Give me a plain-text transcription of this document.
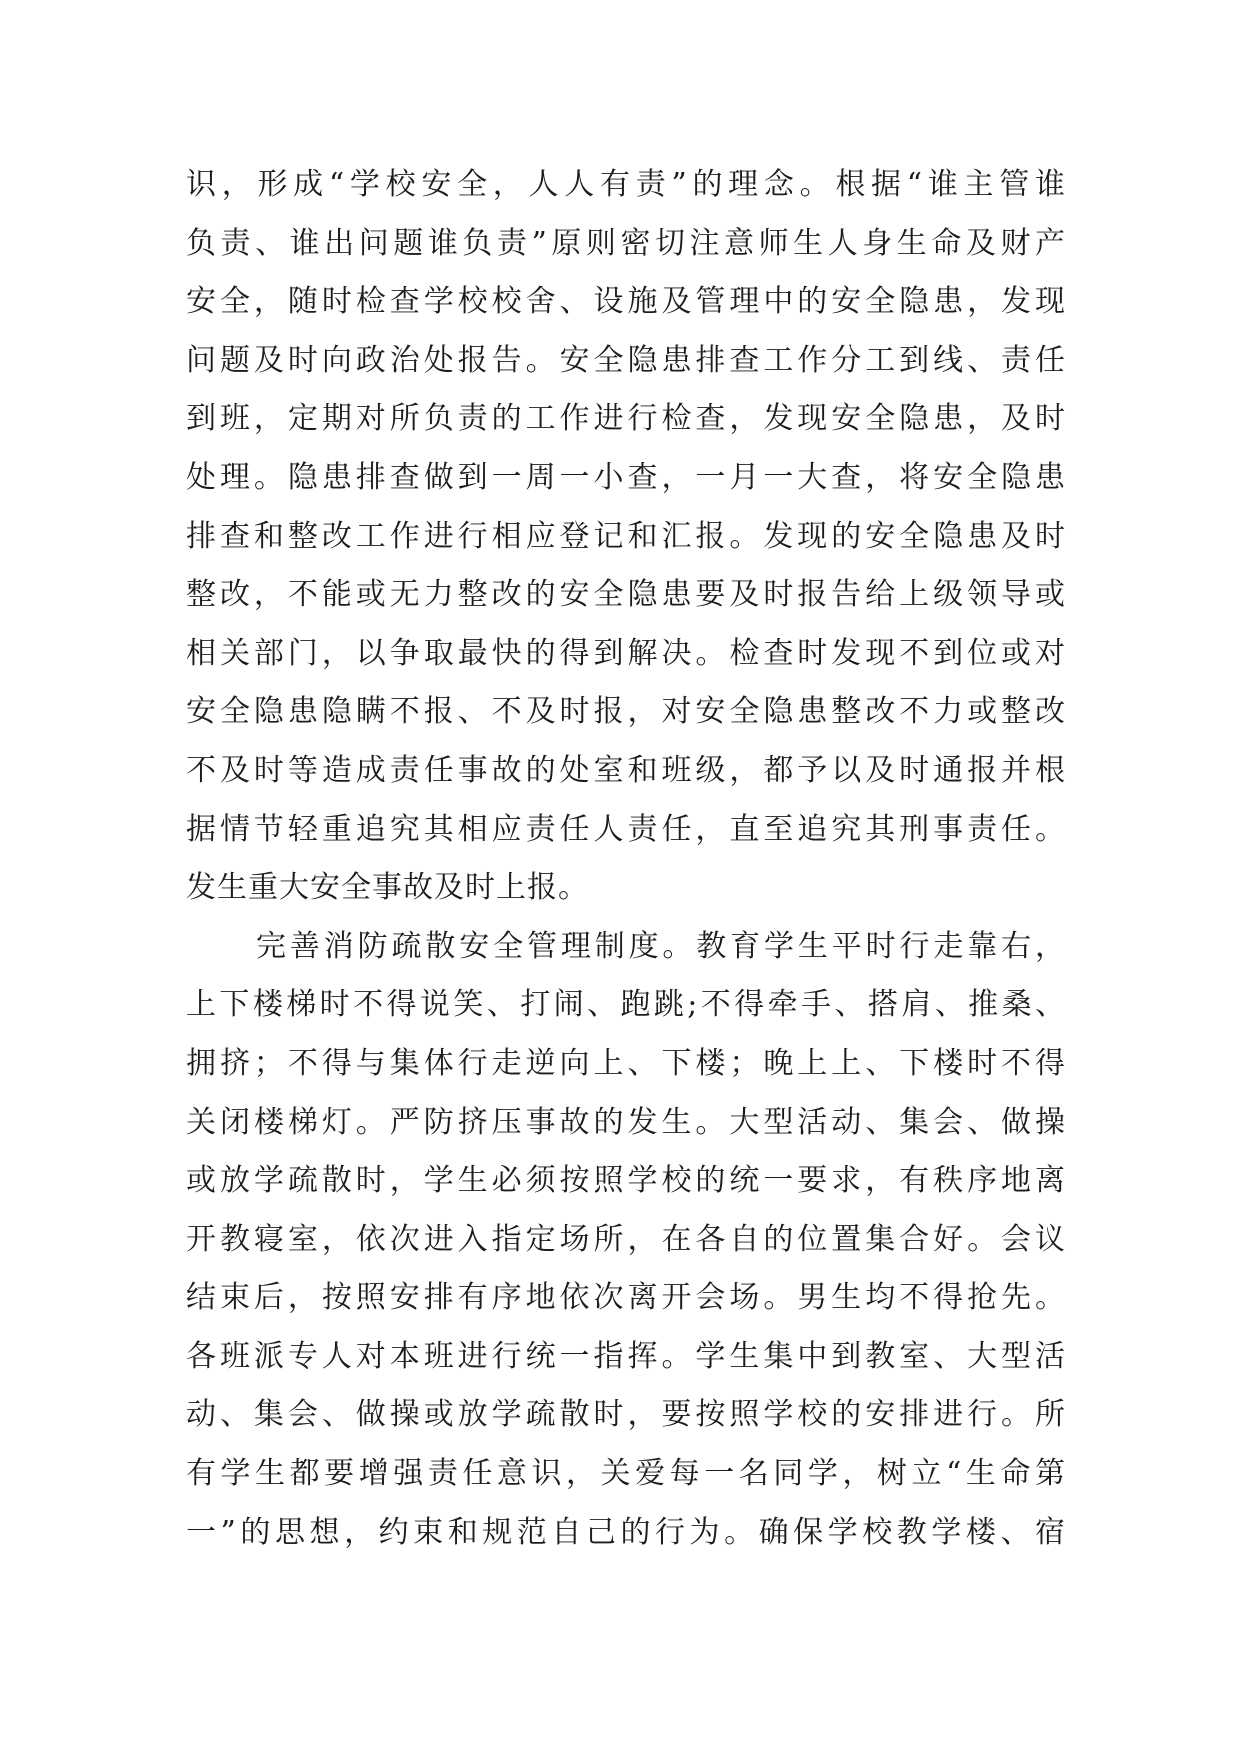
识，形成“学校安全，人人有责”的理念。根据“谁主管谁
负责、谁出问题谁负责”原则密切注意师生人身生命及财产
安全，随时检查学校校舍、设施及管理中的安全隐患，发现
问题及时向政治处报告。安全隐患排查工作分工到线、责任
到班，定期对所负责的工作进行检查，发现安全隐患，及时
处理。隐患排查做到一周一小查，一月一大查，将安全隐患
排查和整改工作进行相应登记和汇报。发现的安全隐患及时
整改，不能或无力整改的安全隐患要及时报告给上级领导或
相关部门，以争取最快的得到解决。检查时发现不到位或对
安全隐患隐瞒不报、不及时报，对安全隐患整改不力或整改
不及时等造成责任事故的处室和班级，都予以及时通报并根
据情节轻重追究其相应责任人责任，直至追究其刑事责任。
发生重大安全事故及时上报。
完善消防疏散安全管理制度。教育学生平时行走靠右，
上下楼梯时不得说笑、打闹、跑跳;不得牵手、搭肩、推桑、
拥挤；不得与集体行走逆向上、下楼；晚上上、下楼时不得
关闭楼梯灯。严防挤压事故的发生。大型活动、集会、做操
或放学疏散时，学生必须按照学校的统一要求，有秩序地离
开教寝室，依次进入指定场所，在各自的位置集合好。会议
结束后，按照安排有序地依次离开会场。男生均不得抢先。
各班派专人对本班进行统一指挥。学生集中到教室、大型活
动、集会、做操或放学疏散时，要按照学校的安排进行。所
有学生都要增强责任意识，关爱每一名同学，树立“生命第
一”的思想，约束和规范自己的行为。确保学校教学楼、宿
